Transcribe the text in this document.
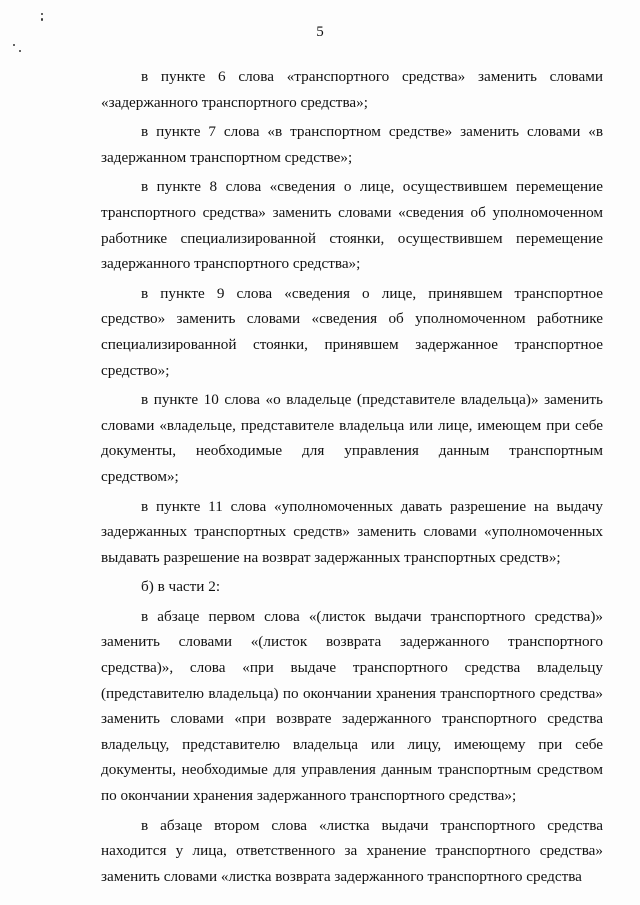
5

в пункте 6 слова «транспортного средства» заменить словами «задержанного транспортного средства»;

в пункте 7 слова «в транспортном средстве» заменить словами «в задержанном транспортном средстве»;

в пункте 8 слова «сведения о лице, осуществившем перемещение транспортного средства» заменить словами «сведения об уполномоченном работнике специализированной стоянки, осуществившем перемещение задержанного транспортного средства»;

в пункте 9 слова «сведения о лице, принявшем транспортное средство» заменить словами «сведения об уполномоченном работнике специализированной стоянки, принявшем задержанное транспортное средство»;

в пункте 10 слова «о владельце (представителе владельца)» заменить словами «владельце, представителе владельца или лице, имеющем при себе документы, необходимые для управления данным транспортным средством»;

в пункте 11 слова «уполномоченных давать разрешение на выдачу задержанных транспортных средств» заменить словами «уполномоченных выдавать разрешение на возврат задержанных транспортных средств»;

б) в части 2:

в абзаце первом слова «(листок выдачи транспортного средства)» заменить словами «(листок возврата задержанного транспортного средства)», слова «при выдаче транспортного средства владельцу (представителю владельца) по окончании хранения транспортного средства» заменить словами «при возврате задержанного транспортного средства владельцу, представителю владельца или лицу, имеющему при себе документы, необходимые для управления данным транспортным средством по окончании хранения задержанного транспортного средства»;

в абзаце втором слова «листка выдачи транспортного средства находится у лица, ответственного за хранение транспортного средства» заменить словами «листка возврата задержанного транспортного средства
